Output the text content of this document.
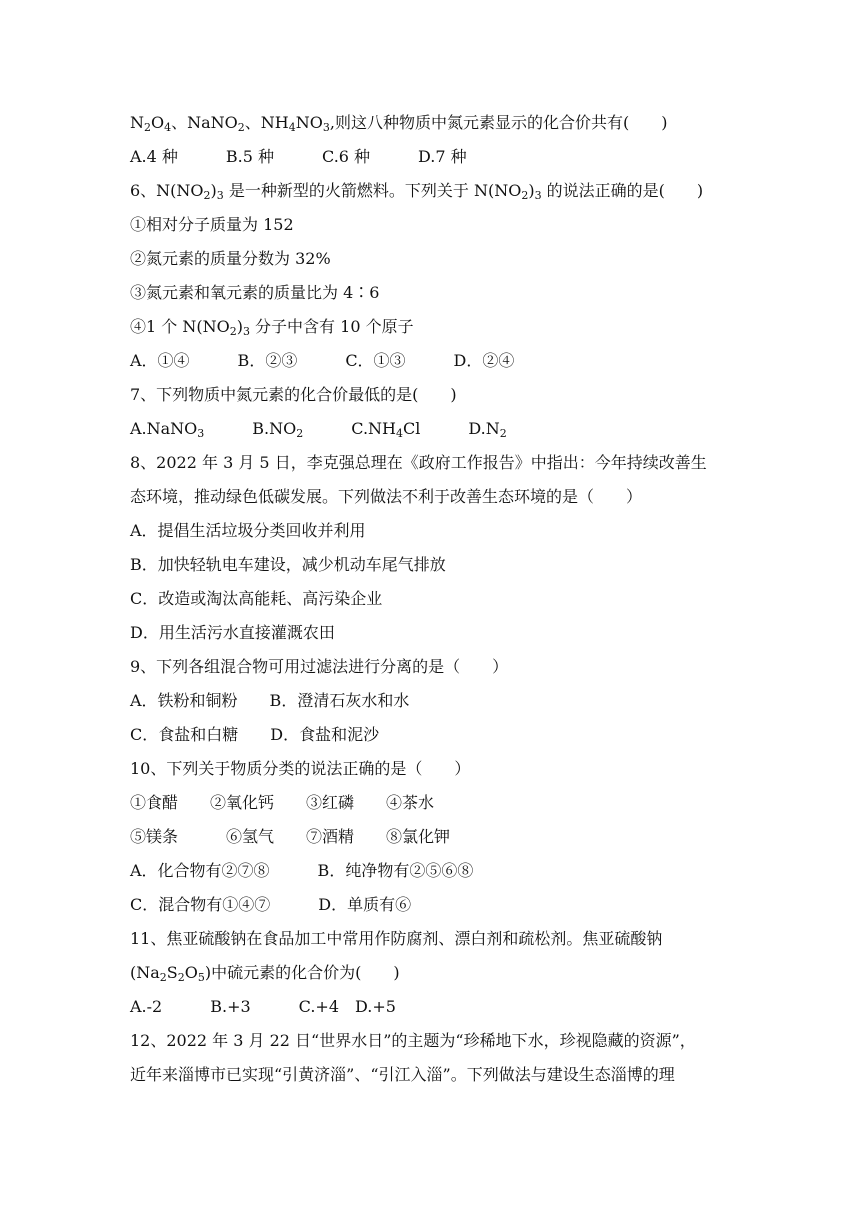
$N_2O_4$、NaNO$_2$、$NH_4NO_3$,则这八种物质中氮元素显示的化合价共有(　　)
A.4 种　　　B.5 种　　　C.6 种　　　D.7 种
6、$N(NO_2)_3$ 是一种新型的火箭燃料。下列关于 $N(NO_2)_3$ 的说法正确的是(　　)
①相对分子质量为 152
②氮元素的质量分数为 32%
③氮元素和氧元素的质量比为 4∶6
④1 个 $N(NO_2)_3$ 分子中含有 10 个原子
A．①④　　　B．②③　　　C．①③　　　D．②④
7、下列物质中氮元素的化合价最低的是(　　)
A.NaNO$_3$　　　$B.NO_2$　　　$C.NH_4Cl$　　　$D.N_2$
8、2022 年 3 月 5 日，李克强总理在《政府工作报告》中指出：今年持续改善生
态环境，推动绿色低碳发展。下列做法不利于改善生态环境的是（　　）
A．提倡生活垃圾分类回收并利用
B．加快轻轨电车建设，减少机动车尾气排放
C．改造或淘汰高能耗、高污染企业
D．用生活污水直接灌溉农田
9、下列各组混合物可用过滤法进行分离的是（　　）
A．铁粉和铜粉　　B．澄清石灰水和水
C．食盐和白糖　　D．食盐和泥沙
10、下列关于物质分类的说法正确的是（　　）
①食醋　　②氧化钙　　③红磷　　④茶水
⑤镁条　　　⑥氢气　　⑦酒精　　⑧氯化钾
A．化合物有②⑦⑧　　　B．纯净物有②⑤⑥⑧
C．混合物有①④⑦　　　D．单质有⑥
11、焦亚硫酸钠在食品加工中常用作防腐剂、漂白剂和疏松剂。焦亚硫酸钠
$(Na_2S_2O_5)$中硫元素的化合价为(　　)
A.-2　　　B.+3　　　C.+4　D.+5
12、2022 年 3 月 22 日“世界水日”的主题为“珍稀地下水，珍视隐藏的资源”，
近年来淄博市已实现“引黄济淄”、“引江入淄”。下列做法与建设生态淄博的理
